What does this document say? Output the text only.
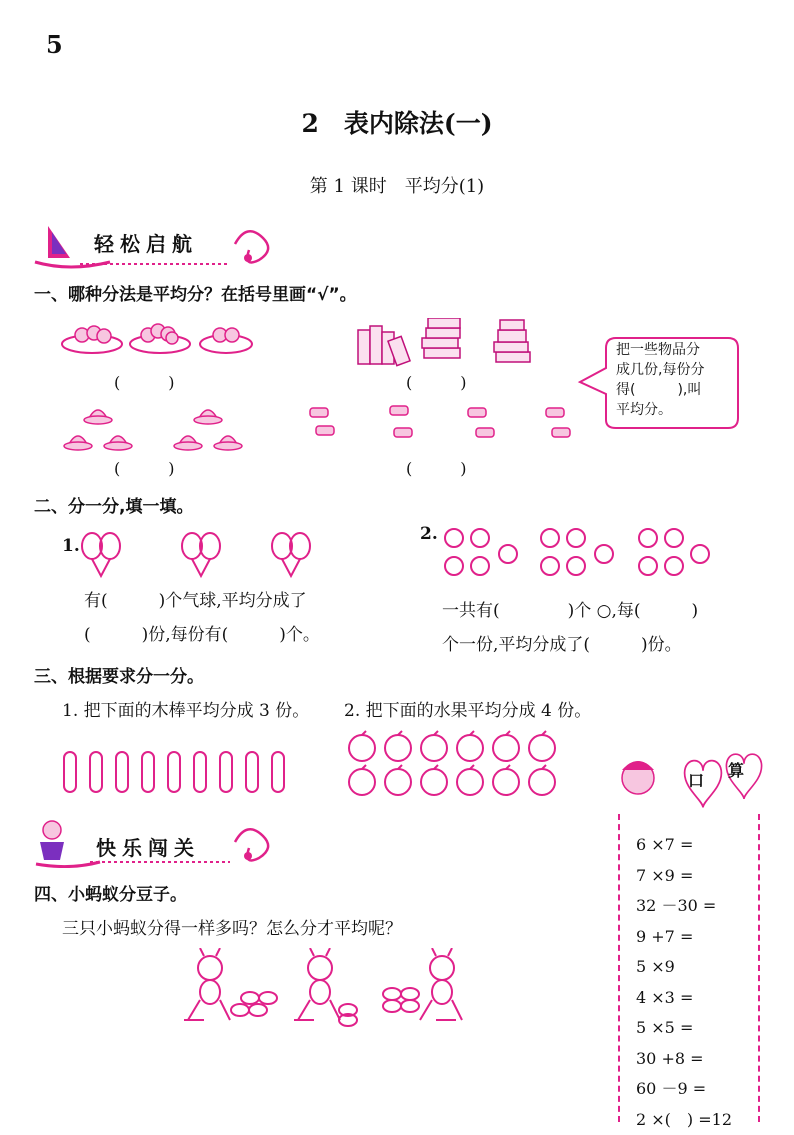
5
2　表内除法(一)
第 1 课时　平均分(1)
轻松启航
一、哪种分法是平均分？在括号里画“√”。
(　　　)	(　　　)
(　　　)	(　　　)
把一些物品分
成几份,每份分
得(　　　),叫
平均分。
二、分一分,填一填。
1.
有(　　　)个气球,平均分成了
(　　　)份,每份有(　　　)个。
2.
一共有(　　　　)个 ○,每(　　　)
个一份,平均分成了(　　　)份。
三、根据要求分一分。
1. 把下面的木棒平均分成 3 份。 2. 把下面的水果平均分成 4 份。
快乐闯关
四、小蚂蚁分豆子。
三只小蚂蚁分得一样多吗？怎么分才平均呢？
口
算
6 ×7 =
7 ×9 =
32 －30 =
9 +7 =
5 ×9
4 ×3 =
5 ×5 =
30 +8 =
60 －9 =
2 ×(　) =12
